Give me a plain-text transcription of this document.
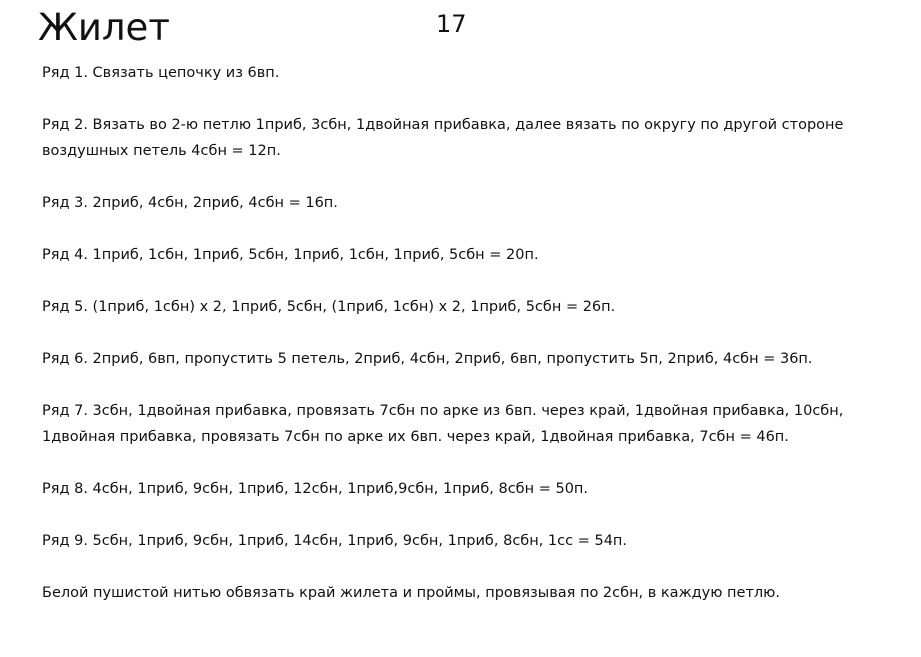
Жилет	17

Ряд 1. Связать цепочку из 6вп.

Ряд 2. Вязать во 2-ю петлю 1приб, 3сбн, 1двойная прибавка, далее вязать по округу по другой стороне воздушных петель 4сбн = 12п.

Ряд 3. 2приб, 4сбн, 2приб, 4сбн = 16п.

Ряд 4. 1приб, 1сбн, 1приб, 5сбн, 1приб, 1сбн, 1приб, 5сбн = 20п.

Ряд 5. (1приб, 1сбн) х 2, 1приб, 5сбн, (1приб, 1сбн) х 2, 1приб, 5сбн = 26п.

Ряд 6. 2приб, 6вп, пропустить 5 петель, 2приб, 4сбн, 2приб, 6вп, пропустить 5п, 2приб, 4сбн = 36п.

Ряд 7. 3сбн, 1двойная прибавка, провязать 7сбн по арке из 6вп. через край, 1двойная прибавка, 10сбн, 1двойная прибавка, провязать 7сбн по арке их 6вп. через край, 1двойная прибавка, 7сбн = 46п.

Ряд 8. 4сбн, 1приб, 9сбн, 1приб, 12сбн, 1приб,9сбн, 1приб, 8сбн = 50п.

Ряд 9. 5сбн, 1приб, 9сбн, 1приб, 14сбн, 1приб, 9сбн, 1приб, 8сбн, 1сс = 54п.

Белой пушистой нитью обвязать край жилета и проймы, провязывая по 2сбн, в каждую петлю.
